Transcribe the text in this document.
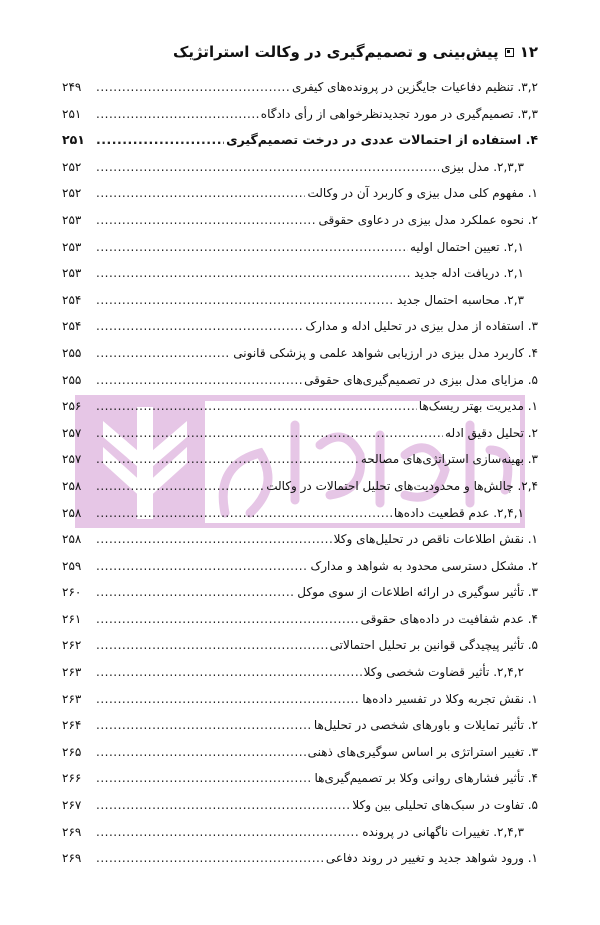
۱۲
پیش‌بینی و تصمیم‌گیری در وکالت استراتژیک
۳,۲. تنظیم دفاعیات جایگزین در پرونده‌های کیفری
.....
۲۴۹
۳,۳. تصمیم‌گیری در مورد تجدیدنظرخواهی از رأی دادگاه
.....
۲۵۱
۴. استفاده از احتمالات عددی در درخت تصمیم‌گیری
.....
۲۵۱
۲,۳,۳. مدل بیزی
.....
۲۵۲
۱. مفهوم کلی مدل بیزی و کاربرد آن در وکالت
.....
۲۵۲
۲. نحوه عملکرد مدل بیزی در دعاوی حقوقی
.....
۲۵۳
۲,۱. تعیین احتمال اولیه
.....
۲۵۳
۲,۱. دریافت ادله جدید
.....
۲۵۳
۲,۳. محاسبه احتمال جدید
.....
۲۵۴
۳. استفاده از مدل بیزی در تحلیل ادله و مدارک
.....
۲۵۴
۴. کاربرد مدل بیزی در ارزیابی شواهد علمی و پزشکی قانونی
.....
۲۵۵
۵. مزایای مدل بیزی در تصمیم‌گیری‌های حقوقی
.....
۲۵۵
۱. مدیریت بهتر ریسک‌ها
.....
۲۵۶
۲. تحلیل دقیق ادله
.....
۲۵۷
۳. بهینه‌سازی استراتژی‌های مصالحه
.....
۲۵۷
۲,۴. چالش‌ها و محدودیت‌های تحلیل احتمالات در وکالت
.....
۲۵۸
۲,۴,۱. عدم قطعیت داده‌ها
.....
۲۵۸
۱. نقش اطلاعات ناقص در تحلیل‌های وکلا
.....
۲۵۸
۲. مشکل دسترسی محدود به شواهد و مدارک
.....
۲۵۹
۳. تأثیر سوگیری در ارائه اطلاعات از سوی موکل
.....
۲۶۰
۴. عدم شفافیت در داده‌های حقوقی
.....
۲۶۱
۵. تأثیر پیچیدگی قوانین بر تحلیل احتمالاتی
.....
۲۶۲
۲,۴,۲. تأثیر قضاوت شخصی وکلا
.....
۲۶۳
۱. نقش تجربه وکلا در تفسیر داده‌ها
.....
۲۶۳
۲. تأثیر تمایلات و باورهای شخصی در تحلیل‌ها
.....
۲۶۴
۳. تغییر استراتژی بر اساس سوگیری‌های ذهنی
.....
۲۶۵
۴. تأثیر فشارهای روانی وکلا بر تصمیم‌گیری‌ها
.....
۲۶۶
۵. تفاوت در سبک‌های تحلیلی بین وکلا
.....
۲۶۷
۲,۴,۳. تغییرات ناگهانی در پرونده
.....
۲۶۹
۱. ورود شواهد جدید و تغییر در روند دفاعی
.....
۲۶۹
